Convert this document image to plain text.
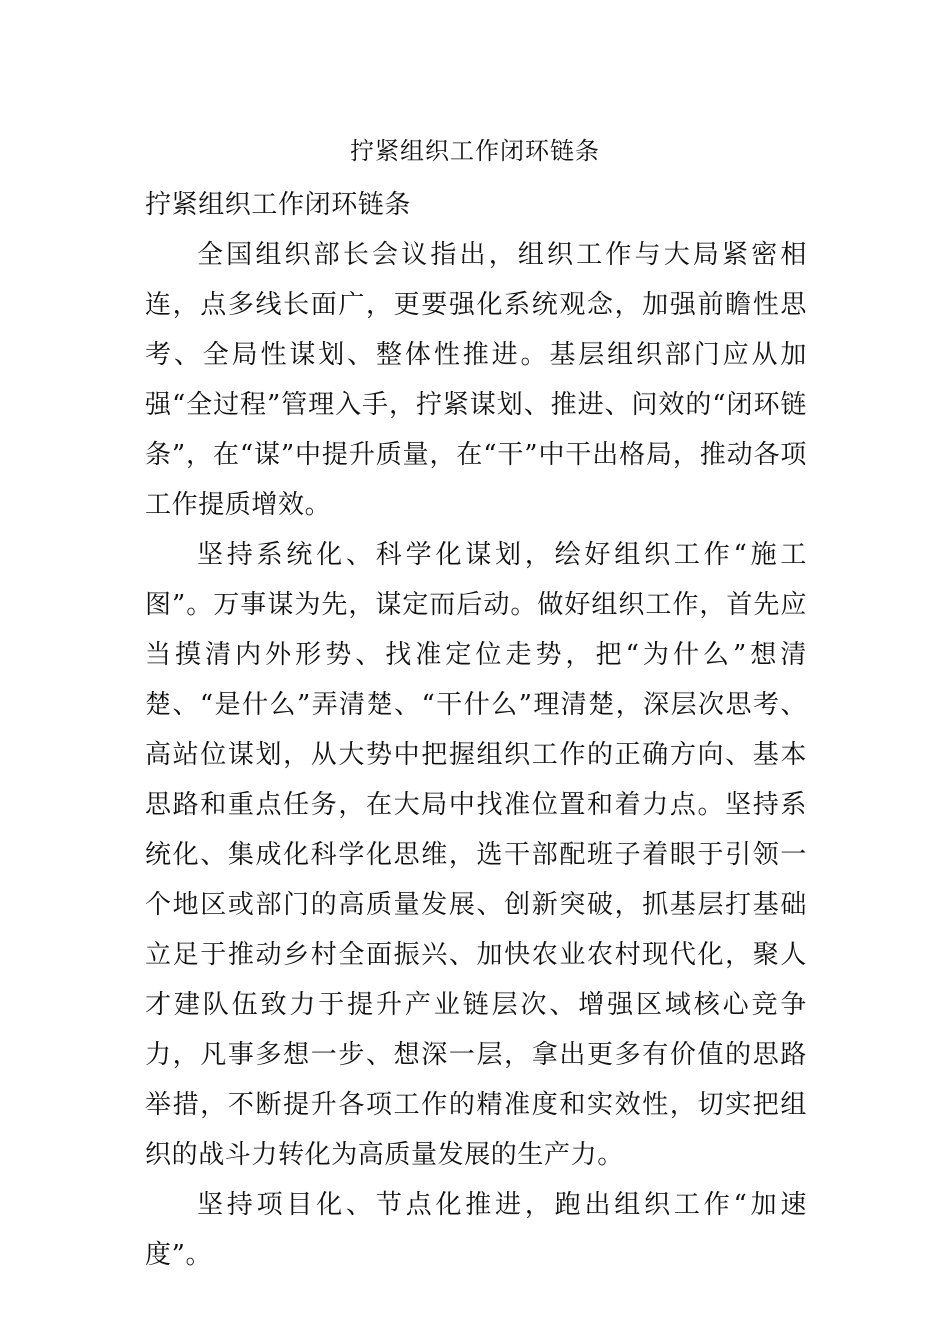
拧紧组织工作闭环链条

拧紧组织工作闭环链条

全国组织部长会议指出，组织工作与大局紧密相连，点多线长面广，更要强化系统观念，加强前瞻性思考、全局性谋划、整体性推进。基层组织部门应从加强“全过程”管理入手，拧紧谋划、推进、问效的“闭环链条”，在“谋”中提升质量，在“干”中干出格局，推动各项工作提质增效。

坚持系统化、科学化谋划，绘好组织工作“施工图”。万事谋为先，谋定而后动。做好组织工作，首先应当摸清内外形势、找准定位走势，把“为什么”想清楚、“是什么”弄清楚、“干什么”理清楚，深层次思考、高站位谋划，从大势中把握组织工作的正确方向、基本思路和重点任务，在大局中找准位置和着力点。坚持系统化、集成化科学化思维，选干部配班子着眼于引领一个地区或部门的高质量发展、创新突破，抓基层打基础立足于推动乡村全面振兴、加快农业农村现代化，聚人才建队伍致力于提升产业链层次、增强区域核心竞争力，凡事多想一步、想深一层，拿出更多有价值的思路举措，不断提升各项工作的精准度和实效性，切实把组织的战斗力转化为高质量发展的生产力。

坚持项目化、节点化推进，跑出组织工作“加速度”。
